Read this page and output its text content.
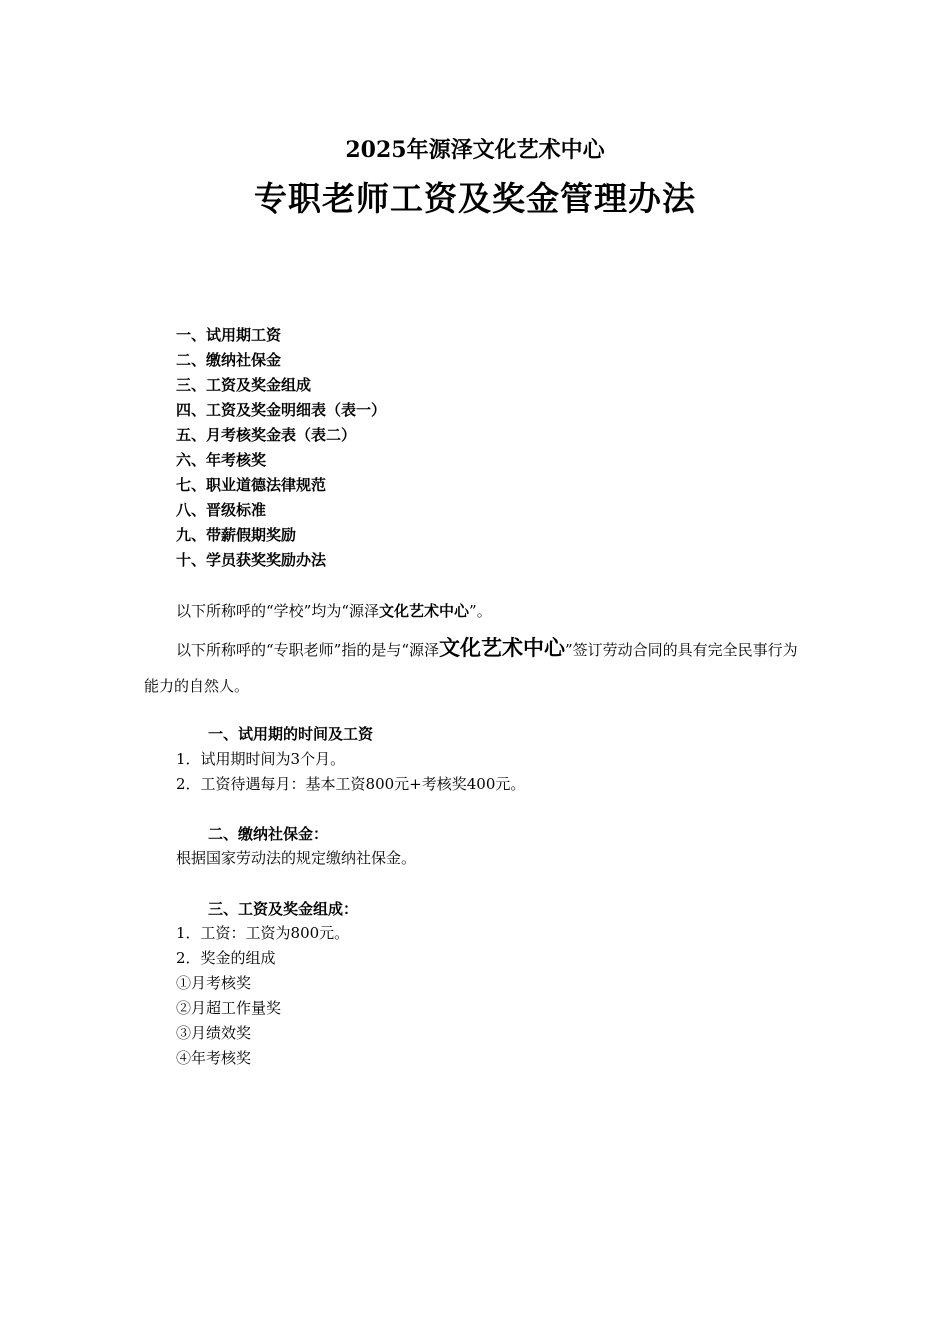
2025年源泽文化艺术中心
专职老师工资及奖金管理办法
一、试用期工资
二、缴纳社保金
三、工资及奖金组成
四、工资及奖金明细表（表一）
五、月考核奖金表（表二）
六、年考核奖
七、职业道德法律规范
八、晋级标准
九、带薪假期奖励
十、学员获奖奖励办法
以下所称呼的“学校”均为“源泽文化艺术中心”。
以下所称呼的“专职老师”指的是与“源泽文化艺术中心”签订劳动合同的具有完全民事行为能力的自然人。
一、试用期的时间及工资
1．试用期时间为3个月。
2．工资待遇每月：基本工资800元+考核奖400元。
二、缴纳社保金：
根据国家劳动法的规定缴纳社保金。
三、工资及奖金组成：
1．工资：工资为800元。
2．奖金的组成
①月考核奖
②月超工作量奖
③月绩效奖
④年考核奖
